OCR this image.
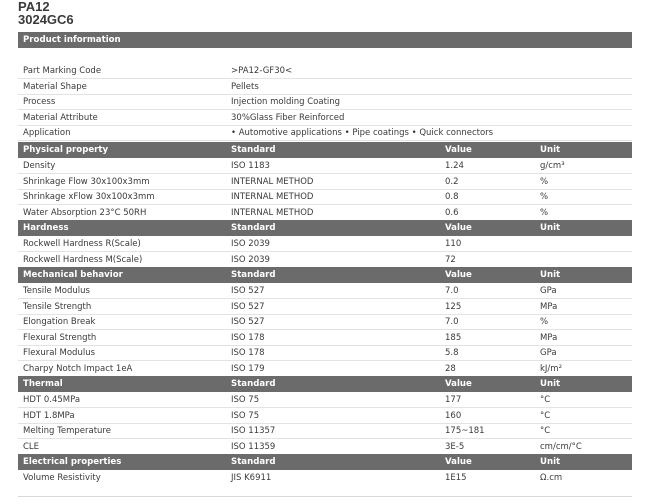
PA12
3024GC6
Product information
Part Marking Code	>PA12-GF30<
Material Shape	Pellets
Process	Injection molding Coating
Material Attribute	30%Glass Fiber Reinforced
Application	• Automotive applications • Pipe coatings • Quick connectors
Physical property	Standard	Value	Unit
Density	ISO 1183	1.24	g/cm³
Shrinkage Flow 30x100x3mm	INTERNAL METHOD	0.2	%
Shrinkage xFlow 30x100x3mm	INTERNAL METHOD	0.8	%
Water Absorption 23°C 50RH	INTERNAL METHOD	0.6	%
Hardness	Standard	Value	Unit
Rockwell Hardness R(Scale)	ISO 2039	110
Rockwell Hardness M(Scale)	ISO 2039	72
Mechanical behavior	Standard	Value	Unit
Tensile Modulus	ISO 527	7.0	GPa
Tensile Strength	ISO 527	125	MPa
Elongation Break	ISO 527	7.0	%
Flexural Strength	ISO 178	185	MPa
Flexural Modulus	ISO 178	5.8	GPa
Charpy Notch Impact 1eA	ISO 179	28	kJ/m²
Thermal	Standard	Value	Unit
HDT 0.45MPa	ISO 75	177	°C
HDT 1.8MPa	ISO 75	160	°C
Melting Temperature	ISO 11357	175~181	°C
CLE	ISO 11359	3E-5	cm/cm/°C
Electrical properties	Standard	Value	Unit
Volume Resistivity	JIS K6911	1E15	Ω.cm
